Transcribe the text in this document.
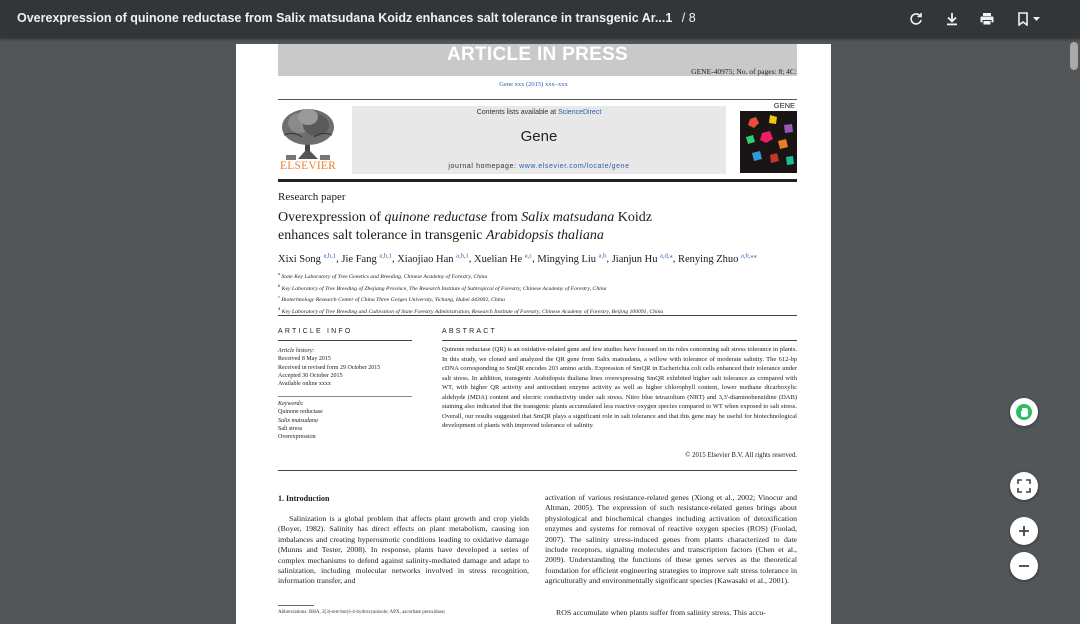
Overexpression of quinone reductase from Salix matsudana Koidz enhances salt tolerance in transgenic Ar...1 / 8
ARTICLE IN PRESS
GENE-40975; No. of pages: 8; 4C:
Gene xxx (2015) xxx–xxx
ELSEVIER
Contents lists available at ScienceDirect
Gene
journal homepage: www.elsevier.com/locate/gene
GENE
Research paper
Overexpression of quinone reductase from Salix matsudana Koidz
enhances salt tolerance in transgenic Arabidopsis thaliana
Xixi Song $^{a,b,1}$, Jie Fang $^{a,b,1}$, Xiaojiao Han $^{a,b,1}$, Xuelian He $^{a,c}$, Mingying Liu $^{a,b}$, Jianjun Hu $^{a,d,⁎}$, Renying Zhuo $^{a,b,⁎⁎}$
$^a$ State Key Laboratory of Tree Genetics and Breeding, Chinese Academy of Forestry, China
$^b$ Key Laboratory of Tree Breeding of Zhejiang Province, The Research Institute of Subtropical of Forestry, Chinese Academy of Forestry, China
$^c$ Biotechnology Research Center of China Three Gorges University, Yichang, Hubei 443002, China
$^d$ Key Laboratory of Tree Breeding and Cultivation of State Forestry Administration, Research Institute of Forestry, Chinese Academy of Forestry, Beijing 100091, China
ARTICLE INFO	ABSTRACT
Article history:
Received 8 May 2015
Received in revised form 29 October 2015
Accepted 30 October 2015
Available online xxxx
Keywords:
Quinone reductase
Salix matsudana
Salt stress
Overexpression
Quinone reductase (QR) is an oxidative-related gene and few studies have focused on its roles concerning salt stress tolerance in plants. In this study, we cloned and analyzed the QR gene from Salix matsudana, a willow with tolerance of moderate salinity. The 612-bp cDNA corresponding to SmQR encodes 203 amino acids. Expression of SmQR in Escherichia coli cells enhanced their tolerance under salt stress. In addition, transgenic Arabidopsis thaliana lines overexpressing SmQR exhibited higher salt tolerance as compared with WT, with higher QR activity and antioxidant enzyme activity as well as higher chlorophyll content, lower methane dicarboxylic aldehyde (MDA) content and electric conductivity under salt stress. Nitro blue tetrazolium (NBT) and 3,3'-diaminobenzidine (DAB) staining also indicated that the transgenic plants accumulated less reactive oxygen species compared to WT when exposed to salt stress. Overall, our results suggested that SmQR plays a significant role in salt tolerance and that this gene may be useful for biotechnological development of plants with improved tolerance of salinity.
© 2015 Elsevier B.V. All rights reserved.
1. Introduction
Salinization is a global problem that affects plant growth and crop yields (Boyer, 1982). Salinity has direct effects on plant metabolism, causing ion imbalances and creating hyperosmotic conditions leading to oxidative damage (Munns and Tester, 2008). In response, plants have developed a series of complex mechanisms to defend against salinity-mediated damage and adapt to salinization, including molecular networks involved in stress recognition, information transfer, and
activation of various resistance-related genes (Xiong et al., 2002; Vinocur and Altman, 2005). The expression of such resistance-related genes brings about physiological and biochemical changes including activation of detoxification enzymes and systems for removal of reactive oxygen species (ROS) (Foolad, 2007). The salinity stress-induced genes from plants characterized to date include receptors, signaling molecules and transcription factors (Chen et al., 2009). Understanding the functions of these genes serves as the theoretical foundation for efficient engineering strategies to improve salt stress tolerance in agriculturally and environmentally significant species (Kawasaki et al., 2001).
ROS accumulate when plants suffer from salinity stress. This accu-
Abbreviations: BHA, 2(3)-tert-butyl-4-hydroxyanisole; APX, ascorbate peroxidase;
